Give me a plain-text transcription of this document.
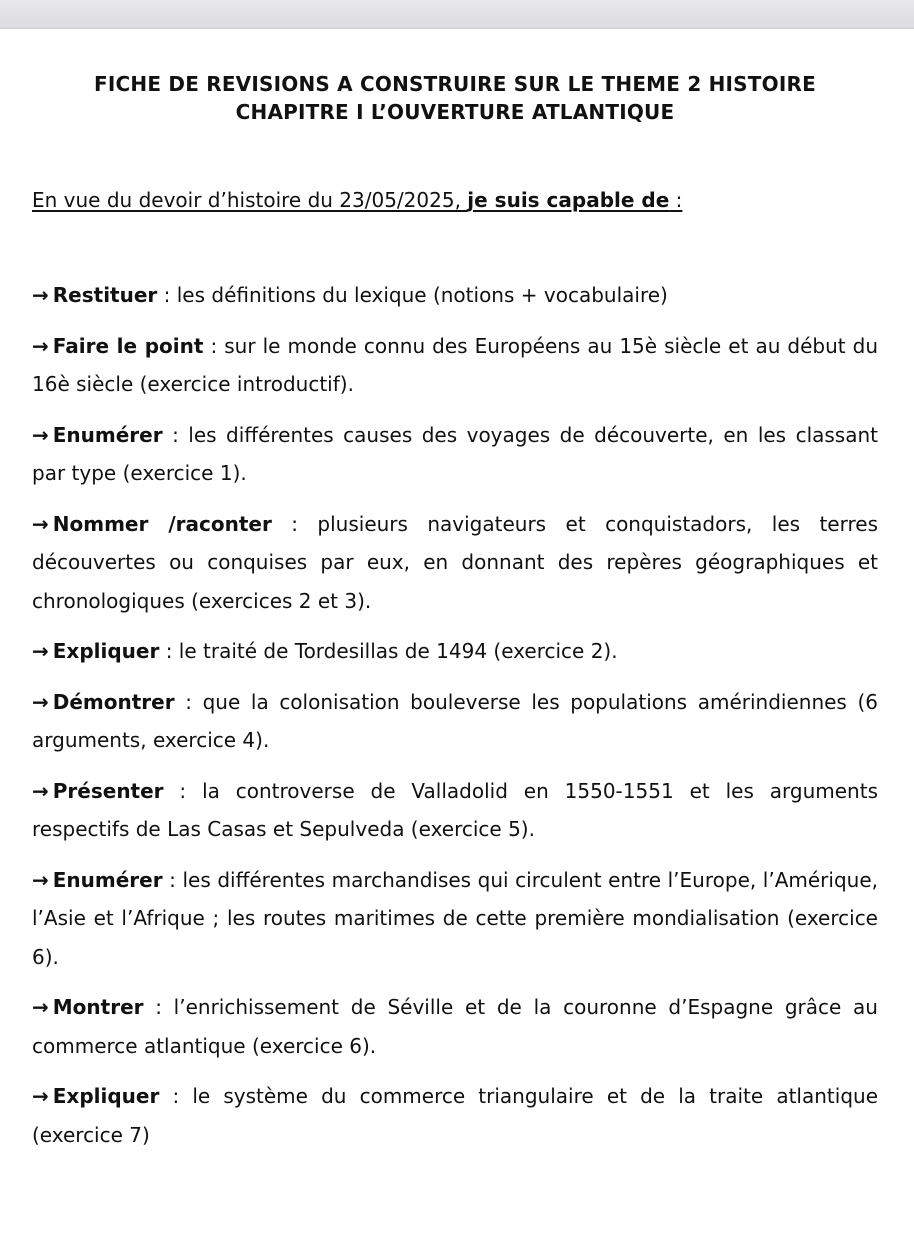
FICHE DE REVISIONS A CONSTRUIRE SUR LE THEME 2 HISTOIRE
CHAPITRE I L’OUVERTURE ATLANTIQUE
En vue du devoir d’histoire du 23/05/2025, je suis capable de :

→ Restituer : les définitions du lexique (notions + vocabulaire)

→ Faire le point : sur le monde connu des Européens au 15è siècle et au début du 16è siècle (exercice introductif).

→ Enumérer : les différentes causes des voyages de découverte, en les classant par type (exercice 1).

→ Nommer /raconter : plusieurs navigateurs et conquistadors, les terres découvertes ou conquises par eux, en donnant des repères géographiques et chronologiques (exercices 2 et 3).

→ Expliquer : le traité de Tordesillas de 1494 (exercice 2).

→ Démontrer : que la colonisation bouleverse les populations amérindiennes (6 arguments, exercice 4).

→ Présenter : la controverse de Valladolid en 1550-1551 et les arguments respectifs de Las Casas et Sepulveda (exercice 5).

→ Enumérer : les différentes marchandises qui circulent entre l’Europe, l’Amérique, l’Asie et l’Afrique ; les routes maritimes de cette première mondialisation (exercice 6).

→ Montrer : l’enrichissement de Séville et de la couronne d’Espagne grâce au commerce atlantique (exercice 6).

→ Expliquer : le système du commerce triangulaire et de la traite atlantique (exercice 7)
